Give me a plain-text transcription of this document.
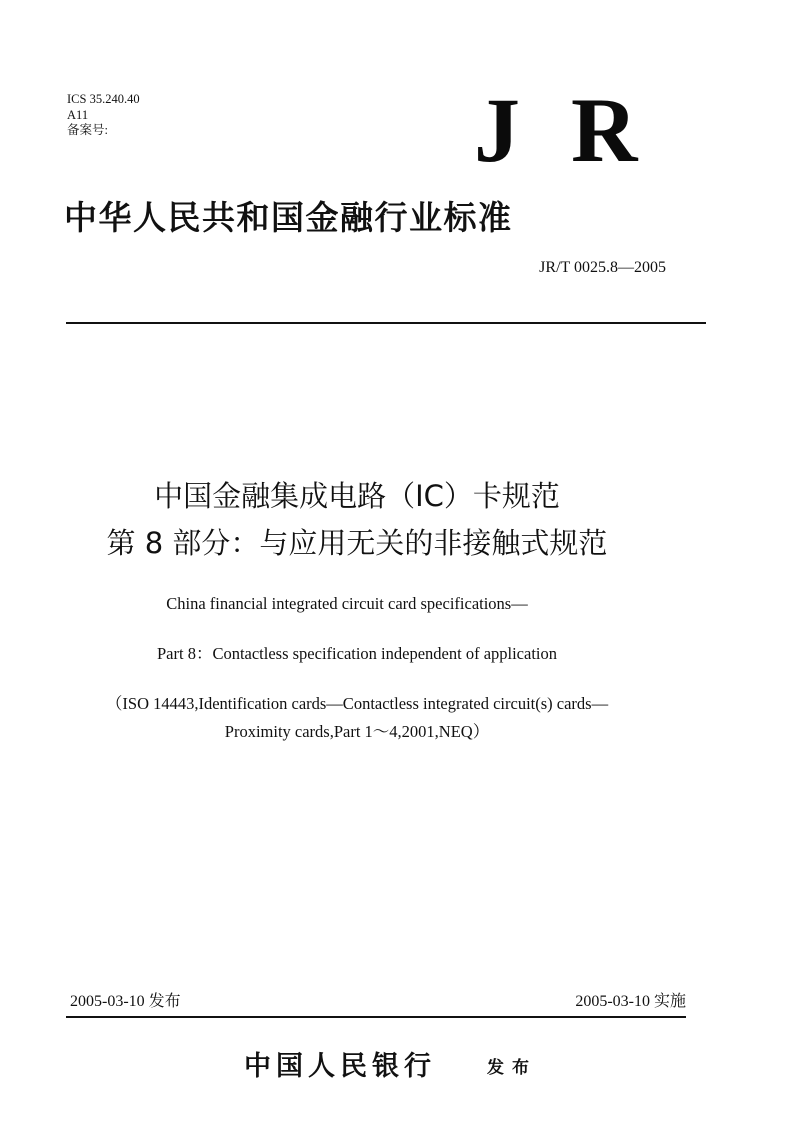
ICS 35.240.40
A11
备案号:	J R
中华人民共和国金融行业标准
JR/T 0025.8—2005
中国金融集成电路（IC）卡规范
第 8 部分：与应用无关的非接触式规范
China financial integrated circuit card specifications—
Part 8：Contactless specification independent of application
（ISO 14443,Identification cards—Contactless integrated circuit(s) cards—
Proximity cards,Part 1～4,2001,NEQ）
2005-03-10 发布	2005-03-10 实施
中国人民银行	发布
